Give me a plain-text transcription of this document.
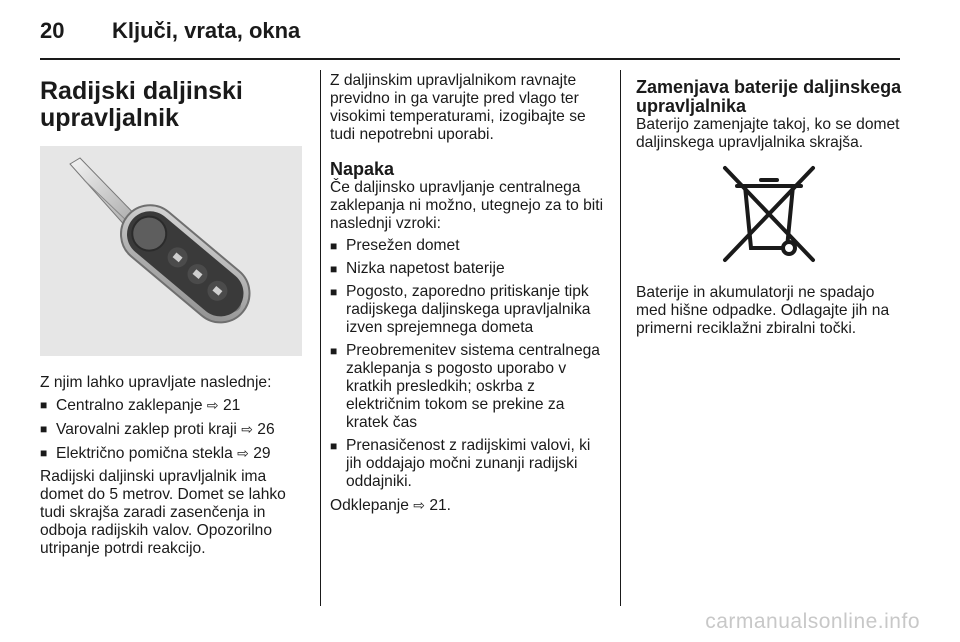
20	Ključi, vrata, okna
Radijski daljinski upravljalnik

Z njim lahko upravljate naslednje:

■ Centralno zaklepanje ⇨ 21
■ Varovalni zaklep proti kraji ⇨ 26
■ Električno pomična stekla ⇨ 29

Radijski daljinski upravljalnik ima domet do 5 metrov. Domet se lahko tudi skrajša zaradi zasenčenja in odboja radijskih valov. Opozorilno utripanje potrdi reakcijo.

Z daljinskim upravljalnikom ravnajte previdno in ga varujte pred vlago ter visokimi temperaturami, izogibajte se tudi nepotrebni uporabi.

Napaka

Če daljinsko upravljanje centralnega zaklepanja ni možno, utegnejo za to biti naslednji vzroki:

■ Presežen domet
■ Nizka napetost baterije
■ Pogosto, zaporedno pritiskanje tipk radijskega daljinskega upravljalnika izven sprejemnega dometa
■ Preobremenitev sistema centralnega zaklepanja s pogosto uporabo v kratkih presledkih; oskrba z električnim tokom se prekine za kratek čas
■ Prenasičenost z radijskimi valovi, ki jih oddajajo močni zunanji radijski oddajniki.

Odklepanje ⇨ 21.

Zamenjava baterije daljinskega upravljalnika

Baterijo zamenjajte takoj, ko se domet daljinskega upravljalnika skrajša.

Baterije in akumulatorji ne spadajo med hišne odpadke. Odlagajte jih na primerni reciklažni zbiralni točki.

carmanualsonline.info
